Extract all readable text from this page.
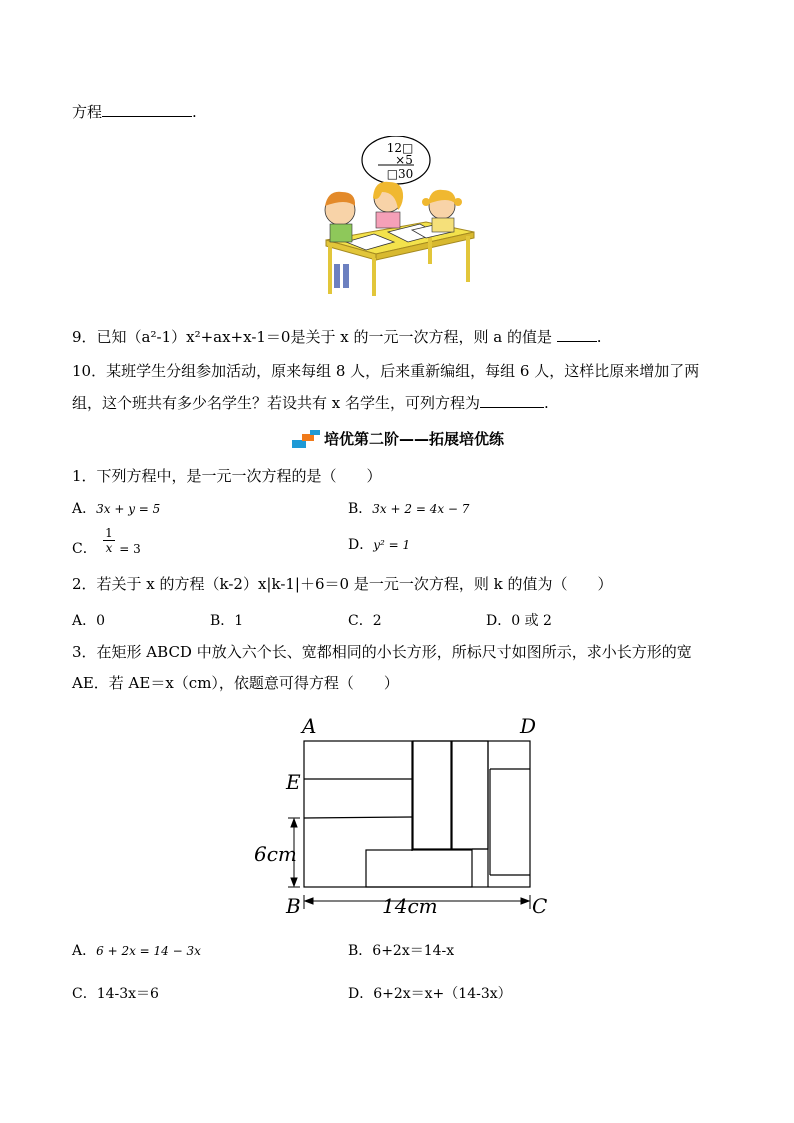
方程	.
12□
×5
□30
9．已知（a²-1）x²+ax+x-1＝0是关于 x 的一元一次方程，则 a 的值是	.
10．某班学生分组参加活动，原来每组 8 人，后来重新编组，每组 6 人，这样比原来增加了两
组，这个班共有多少名学生？若设共有 x 名学生，可列方程为	.
培优第二阶——拓展培优练
1．下列方程中，是一元一次方程的是（　　）
A．3x + y = 5	B．3x + 2 = 4x − 7
C． $\frac{1}{x} = 3$	D．y² = 1
2．若关于 x 的方程（k-2）x|k-1|＋6＝0 是一元一次方程，则 k 的值为（　　）
A．0	B．1	C．2	D．0 或 2
3．在矩形 ABCD 中放入六个长、宽都相同的小长方形，所标尺寸如图所示，求小长方形的宽
AE．若 AE＝x（cm），依题意可得方程（　　）
A	D
E
B	C
6cm
14cm
A．6 + 2x = 14 − 3x	B．6+2x＝14-x
C．14-3x＝6	D．6+2x＝x+（14-3x）
